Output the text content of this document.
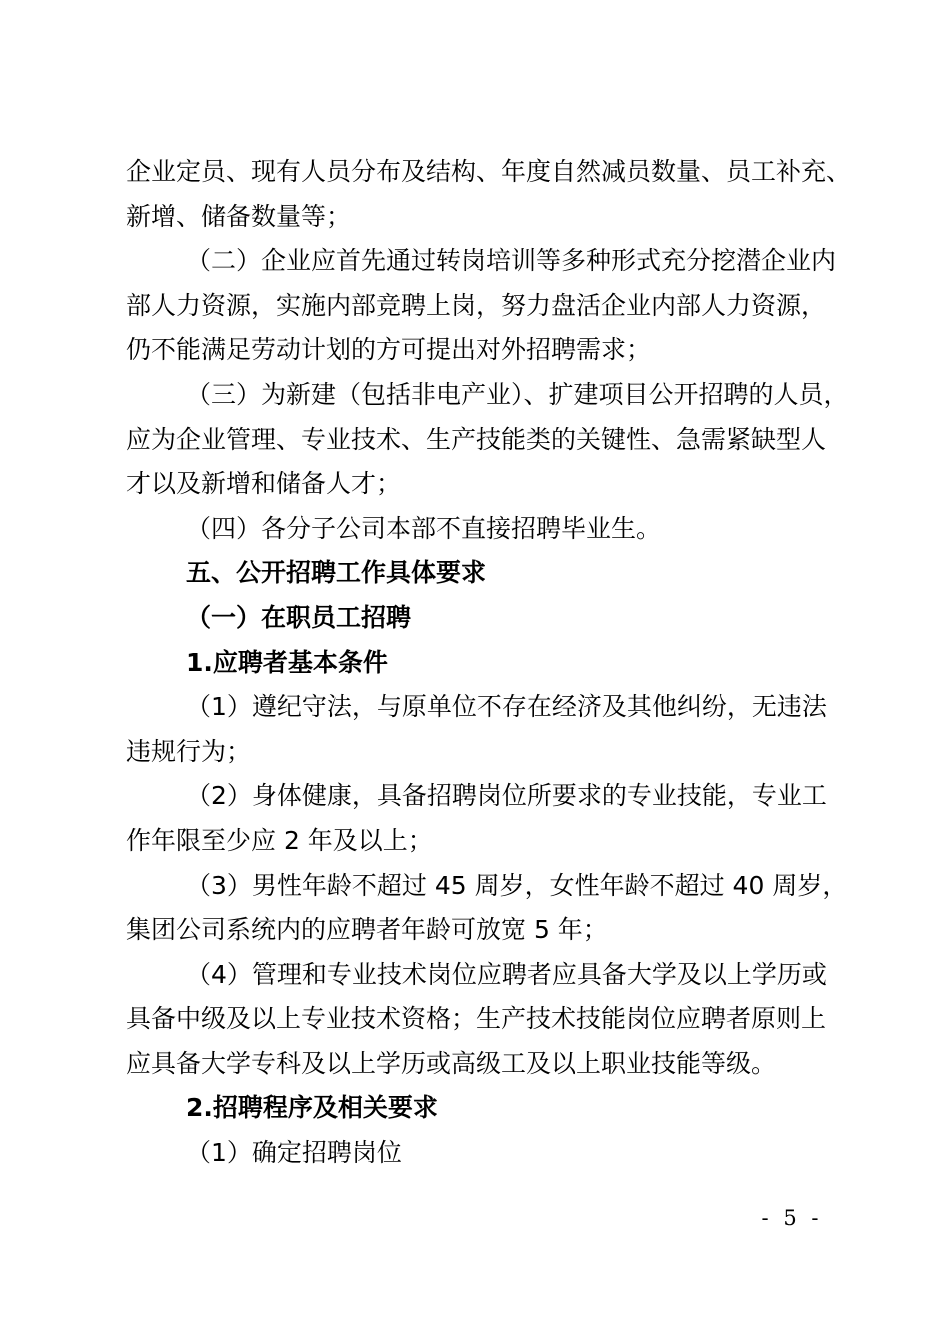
企业定员、现有人员分布及结构、年度自然减员数量、员工补充、
新增、储备数量等；
（二）企业应首先通过转岗培训等多种形式充分挖潜企业内
部人力资源，实施内部竞聘上岗，努力盘活企业内部人力资源，
仍不能满足劳动计划的方可提出对外招聘需求；
（三）为新建（包括非电产业）、扩建项目公开招聘的人员，
应为企业管理、专业技术、生产技能类的关键性、急需紧缺型人
才以及新增和储备人才；
（四）各分子公司本部不直接招聘毕业生。
五、公开招聘工作具体要求
（一）在职员工招聘
1.应聘者基本条件
（1）遵纪守法，与原单位不存在经济及其他纠纷，无违法
违规行为；
（2）身体健康，具备招聘岗位所要求的专业技能，专业工
作年限至少应 2 年及以上；
（3）男性年龄不超过 45 周岁，女性年龄不超过 40 周岁，
集团公司系统内的应聘者年龄可放宽 5 年；
（4）管理和专业技术岗位应聘者应具备大学及以上学历或
具备中级及以上专业技术资格；生产技术技能岗位应聘者原则上
应具备大学专科及以上学历或高级工及以上职业技能等级。
2.招聘程序及相关要求
（1）确定招聘岗位
- 5 -
